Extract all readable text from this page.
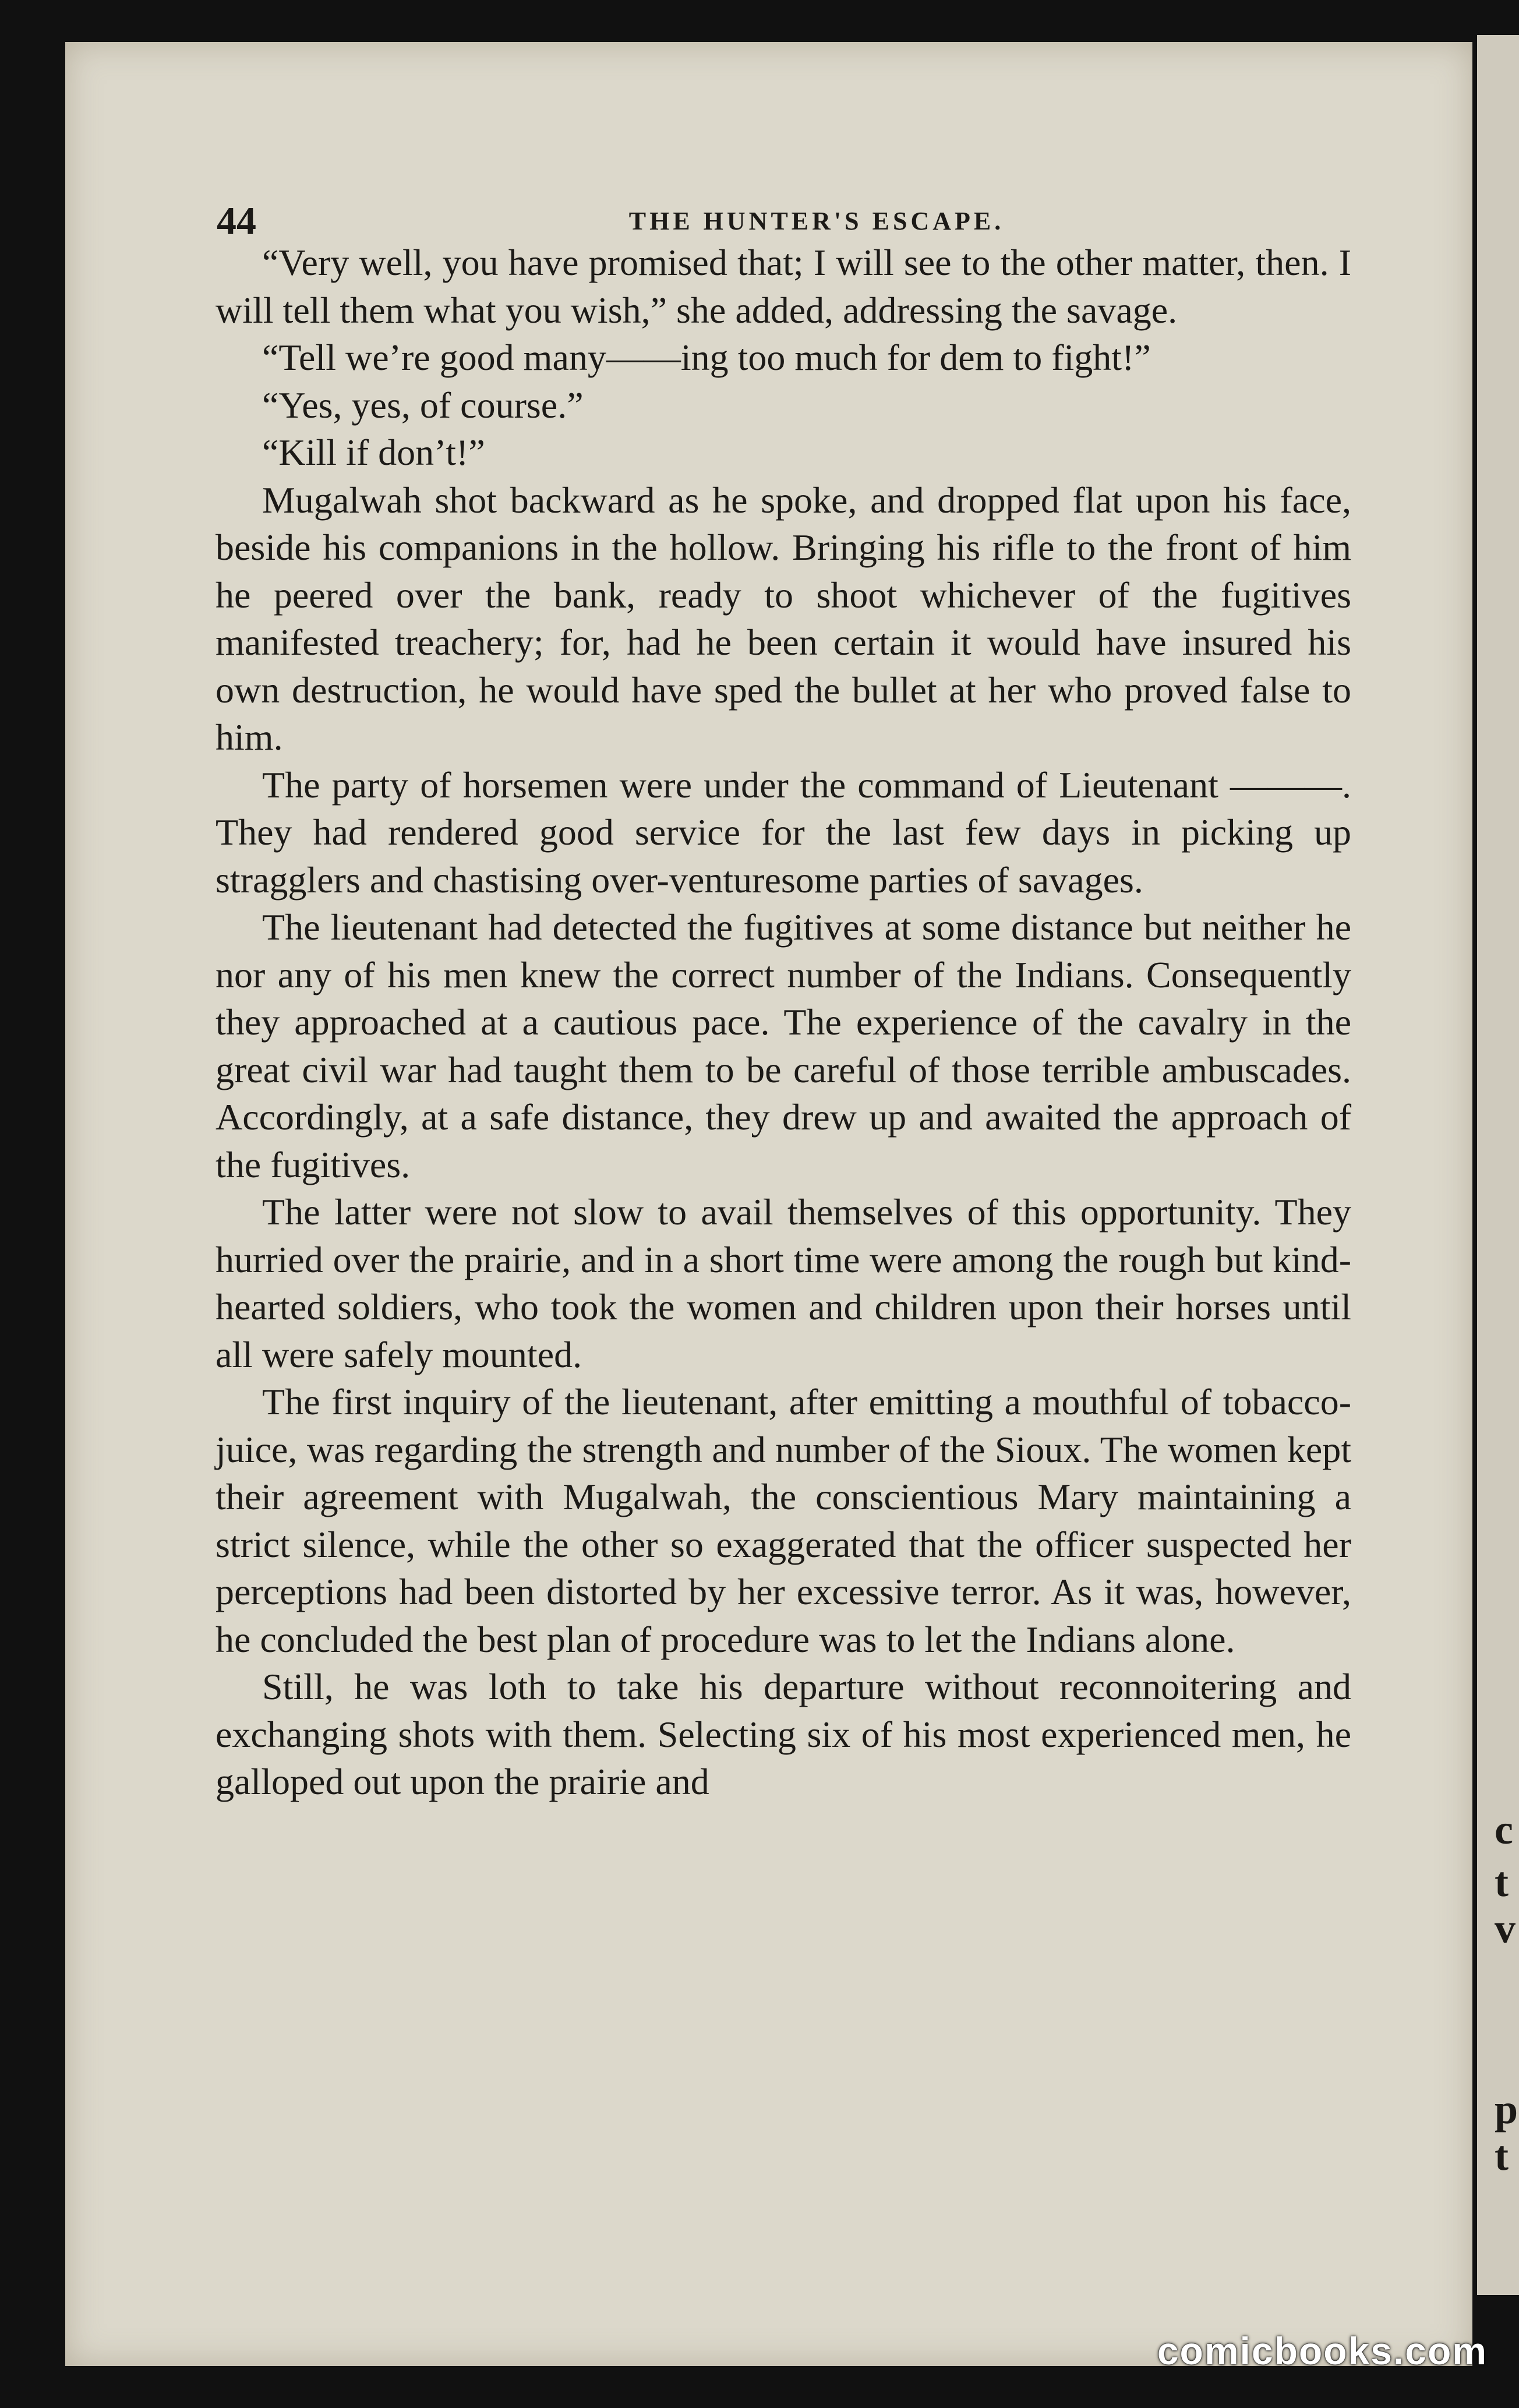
44	THE HUNTER'S ESCAPE.

“Very well, you have promised that; I will see to the other matter, then. I will tell them what you wish,” she added, addressing the savage.

“Tell we’re good many——ing too much for dem to fight!”

“Yes, yes, of course.”

“Kill if don’t!”

Mugalwah shot backward as he spoke, and dropped flat upon his face, beside his companions in the hollow. Bringing his rifle to the front of him he peered over the bank, ready to shoot whichever of the fugitives manifested treachery; for, had he been certain it would have insured his own destruction, he would have sped the bullet at her who proved false to him.

The party of horsemen were under the command of Lieutenant ———. They had rendered good service for the last few days in picking up stragglers and chastising over-venturesome parties of savages.

The lieutenant had detected the fugitives at some distance but neither he nor any of his men knew the correct number of the Indians. Consequently they approached at a cautious pace. The experience of the cavalry in the great civil war had taught them to be careful of those terrible ambuscades. Accordingly, at a safe distance, they drew up and awaited the approach of the fugitives.

The latter were not slow to avail themselves of this opportunity. They hurried over the prairie, and in a short time were among the rough but kind-hearted soldiers, who took the women and children upon their horses until all were safely mounted.

The first inquiry of the lieutenant, after emitting a mouthful of tobacco-juice, was regarding the strength and number of the Sioux. The women kept their agreement with Mugalwah, the conscientious Mary maintaining a strict silence, while the other so exaggerated that the officer suspected her perceptions had been distorted by her excessive terror. As it was, however, he concluded the best plan of procedure was to let the Indians alone.

Still, he was loth to take his departure without reconnoitering and exchanging shots with them. Selecting six of his most experienced men, he galloped out upon the prairie and

c
t
v
p
t
comicbooks.com
